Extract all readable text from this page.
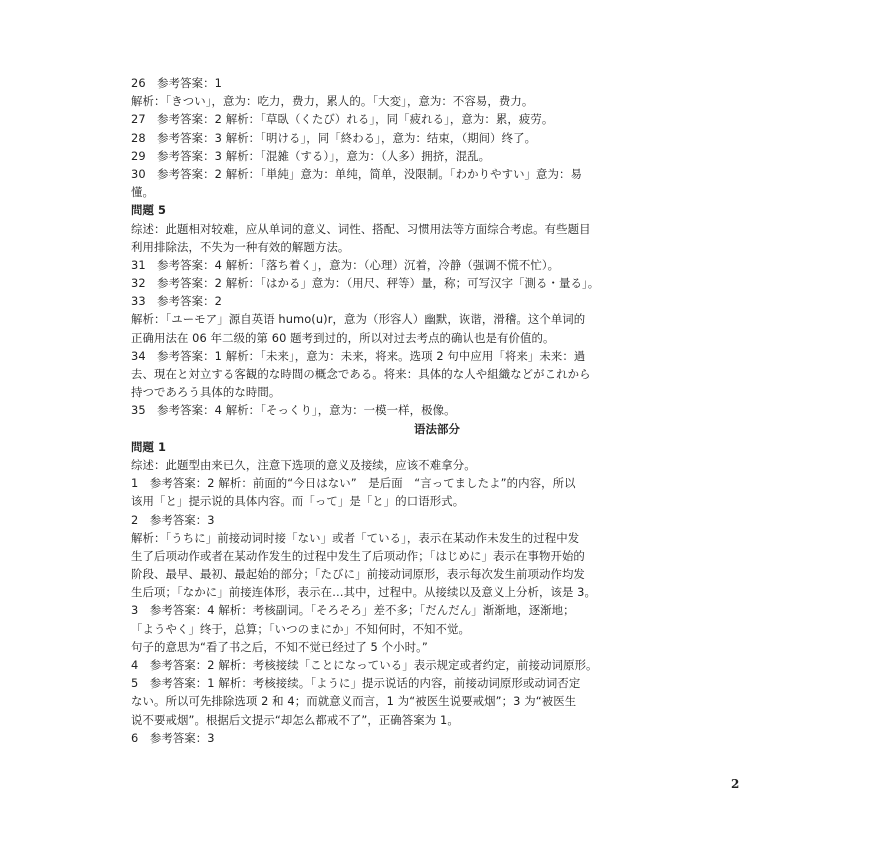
26　参考答案：1
解析：「きつい」，意为：吃力，费力，累人的。「大変」，意为：不容易，费力。
27　参考答案：2 解析：「草臥（くたび）れる」，同「疲れる」，意为：累，疲劳。
28　参考答案：3 解析：「明ける」，同「終わる」，意为：结束，（期间）终了。
29　参考答案：3 解析：「混雑（する）」，意为：（人多）拥挤，混乱。
30　参考答案：2 解析：「単純」意为：单纯，简单，没限制。「わかりやすい」意为：易
懂。
問題 5
综述：此题相对较难，应从单词的意义、词性、搭配、习惯用法等方面综合考虑。有些题目
利用排除法，不失为一种有效的解题方法。
31　参考答案：4 解析：「落ち着く」，意为：（心理）沉着，冷静（强调不慌不忙）。
32　参考答案：2 解析：「はかる」意为：（用尺、秤等）量，称；可写汉字「測る・量る」。
33　参考答案：2
解析：「ユーモア」源自英语 humo(u)r，意为（形容人）幽默，诙谐，滑稽。这个单词的
正确用法在 06 年二级的第 60 题考到过的，所以对过去考点的确认也是有价值的。
34　参考答案：1 解析：「未来」，意为：未来，将来。选项 2 句中应用「将来」未来：過
去、現在と対立する客観的な時間の概念である。将来：具体的な人や組織などがこれから
持つであろう具体的な時間。
35　参考答案：4 解析：「そっくり」，意为：一模一样，极像。
语法部分
問題 1
综述：此题型由来已久，注意下选项的意义及接续，应该不难拿分。
1　参考答案：2 解析：前面的“今日はない”　是后面　“言ってましたよ”的内容，所以
该用「と」提示说的具体内容。而「って」是「と」的口语形式。
2　参考答案：3
解析：「うちに」前接动词时接「ない」或者「ている」，表示在某动作未发生的过程中发
生了后项动作或者在某动作发生的过程中发生了后项动作；「はじめに」表示在事物开始的
阶段、最早、最初、最起始的部分；「たびに」前接动词原形，表示每次发生前项动作均发
生后项；「なかに」前接连体形，表示在…其中，过程中。从接续以及意义上分析，该是 3。
3　参考答案：4 解析：考核副词。「そろそろ」差不多；「だんだん」渐渐地，逐渐地；
「ようやく」终于，总算；「いつのまにか」不知何时，不知不觉。
句子的意思为“看了书之后，不知不觉已经过了 5 个小时。”
4　参考答案：2 解析：考核接续「ことになっている」表示规定或者约定，前接动词原形。
5　参考答案：1 解析：考核接续。「ように」提示说话的内容，前接动词原形或动词否定
ない。所以可先排除选项 2 和 4；而就意义而言，1 为“被医生说要戒烟”；3 为“被医生
说不要戒烟”。根据后文提示“却怎么都戒不了”，正确答案为 1。
6　参考答案：3
2
